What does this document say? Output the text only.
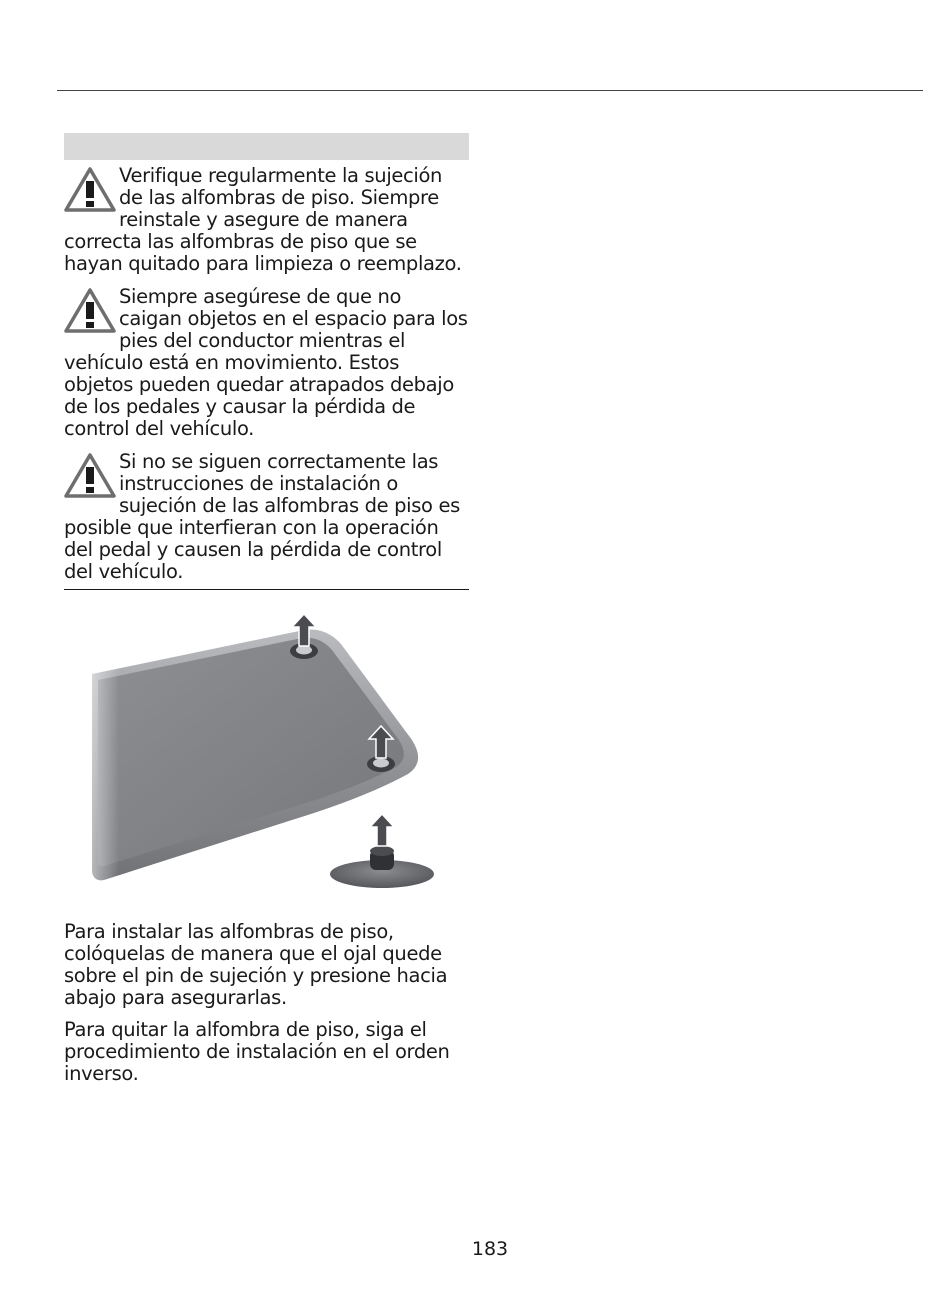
Verifique regularmente la sujeción de las alfombras de piso. Siempre reinstale y asegure de manera correcta las alfombras de piso que se hayan quitado para limpieza o reemplazo.
Siempre asegúrese de que no caigan objetos en el espacio para los pies del conductor mientras el vehículo está en movimiento. Estos objetos pueden quedar atrapados debajo de los pedales y causar la pérdida de control del vehículo.
Si no se siguen correctamente las instrucciones de instalación o sujeción de las alfombras de piso es posible que interfieran con la operación del pedal y causen la pérdida de control del vehículo.

Para instalar las alfombras de piso, colóquelas de manera que el ojal quede sobre el pin de sujeción y presione hacia abajo para asegurarlas.

Para quitar la alfombra de piso, siga el procedimiento de instalación en el orden inverso.

183
